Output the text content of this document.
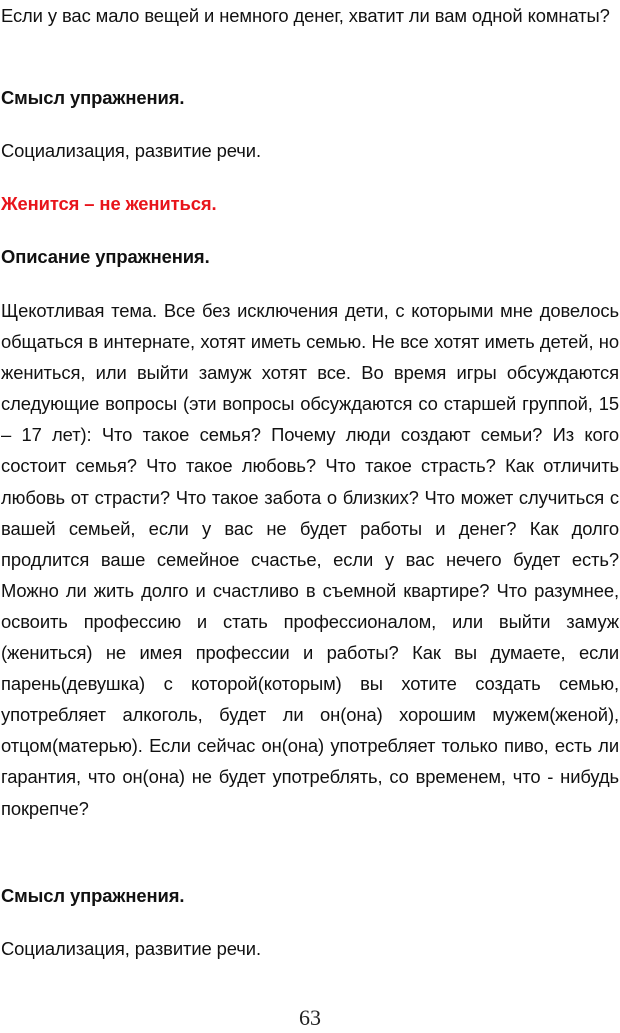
Если у вас мало вещей и немного денег, хватит ли вам одной комнаты?

Смысл упражнения.

Социализация, развитие речи.

Женится – не жениться.

Описание упражнения.

Щекотливая тема. Все без исключения дети, с которыми мне довелось общаться в интернате, хотят иметь семью. Не все хотят иметь детей, но жениться, или выйти замуж хотят все. Во время игры обсуждаются следующие вопросы (эти вопросы обсуждаются со старшей группой, 15 – 17 лет): Что такое семья? Почему люди создают семьи? Из кого состоит семья? Что такое любовь? Что такое страсть? Как отличить любовь от страсти? Что такое забота о близких? Что может случиться с вашей семьей, если у вас не будет работы и денег? Как долго продлится ваше семейное счастье, если у вас нечего будет есть? Можно ли жить долго и счастливо в съемной квартире? Что разумнее, освоить профессию и стать профессионалом, или выйти замуж (жениться) не имея профессии и работы? Как вы думаете, если парень(девушка) с которой(которым) вы хотите создать семью, употребляет алкоголь, будет ли он(она) хорошим мужем(женой), отцом(матерью). Если сейчас он(она) употребляет только пиво, есть ли гарантия, что он(она) не будет употреблять, со временем, что - нибудь покрепче?

Смысл упражнения.

Социализация, развитие речи.

63
